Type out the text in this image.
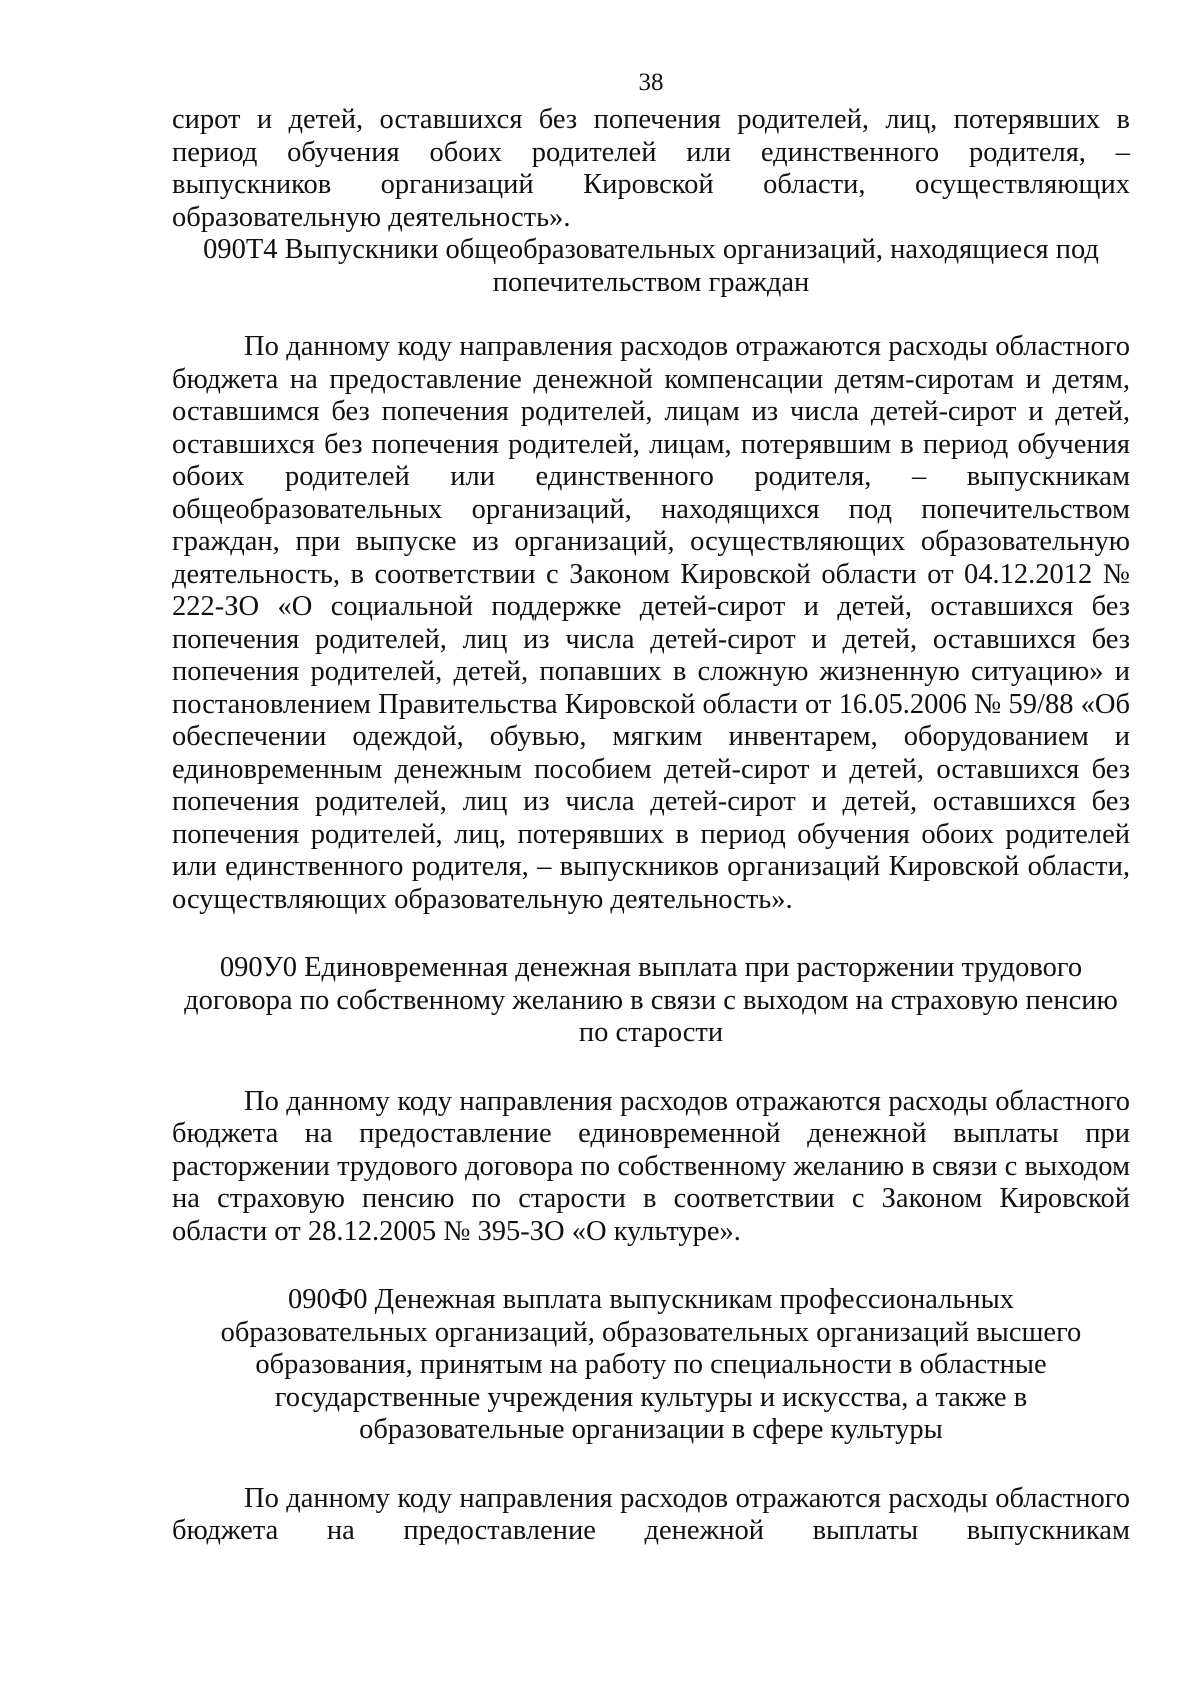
38

сирот и детей, оставшихся без попечения родителей, лиц, потерявших в период обучения обоих родителей или единственного родителя, – выпускников организаций Кировской области, осуществляющих образовательную деятельность».

090Т4 Выпускники общеобразовательных организаций, находящиеся под попечительством граждан

По данному коду направления расходов отражаются расходы областного бюджета на предоставление денежной компенсации детям-сиротам и детям, оставшимся без попечения родителей, лицам из числа детей-сирот и детей, оставшихся без попечения родителей, лицам, потерявшим в период обучения обоих родителей или единственного родителя, – выпускникам общеобразовательных организаций, находящихся под попечительством граждан, при выпуске из организаций, осуществляющих образовательную деятельность, в соответствии с Законом Кировской области от 04.12.2012 № 222-ЗО «О социальной поддержке детей-сирот и детей, оставшихся без попечения родителей, лиц из числа детей-сирот и детей, оставшихся без попечения родителей, детей, попавших в сложную жизненную ситуацию» и постановлением Правительства Кировской области от 16.05.2006 № 59/88 «Об обеспечении одеждой, обувью, мягким инвентарем, оборудованием и единовременным денежным пособием детей-сирот и детей, оставшихся без попечения родителей, лиц из числа детей-сирот и детей, оставшихся без попечения родителей, лиц, потерявших в период обучения обоих родителей или единственного родителя, – выпускников организаций Кировской области, осуществляющих образовательную деятельность».

090У0 Единовременная денежная выплата при расторжении трудового договора по собственному желанию в связи с выходом на страховую пенсию по старости

По данному коду направления расходов отражаются расходы областного бюджета на предоставление единовременной денежной выплаты при расторжении трудового договора по собственному желанию в связи с выходом на страховую пенсию по старости в соответствии с Законом Кировской области от 28.12.2005 № 395-ЗО «О культуре».

090Ф0 Денежная выплата выпускникам профессиональных образовательных организаций, образовательных организаций высшего образования, принятым на работу по специальности в областные государственные учреждения культуры и искусства, а также в образовательные организации в сфере культуры

По данному коду направления расходов отражаются расходы областного бюджета на предоставление денежной выплаты выпускникам
